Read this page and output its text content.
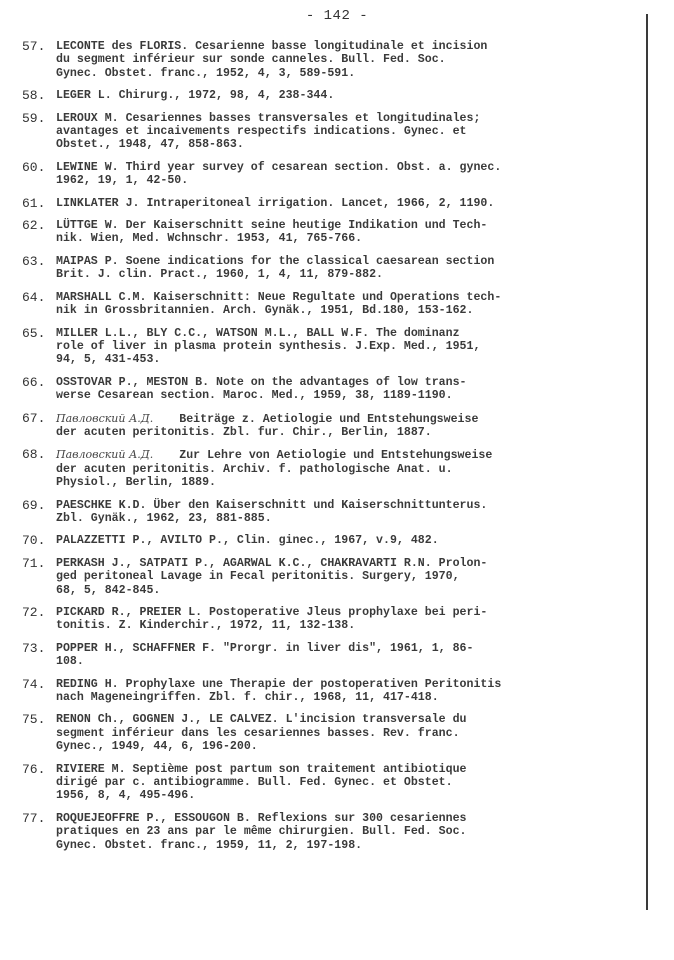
- 142 -
57. LECONTE des FLORIS. Cesarienne basse longitudinale et incision
du segment inférieur sur sonde canneles. Bull. Fed. Soc.
Gynec. Obstet. franc., 1952, 4, 3, 589-591.
58. LEGER L. Chirurg., 1972, 98, 4, 238-344.
59. LEROUX M. Cesariennes basses transversales et longitudinales;
avantages et incaivements respectifs indications. Gynec. et
Obstet., 1948, 47, 858-863.
60. LEWINE W. Third year survey of cesarean section. Obst. a. gynec.
1962, 19, 1, 42-50.
61. LINKLATER J. Intraperitoneal irrigation. Lancet, 1966, 2, 1190.
62. LÜTTGE W. Der Kaiserschnitt seine heutige Indikation und Tech-
nik. Wien, Med. Wchnschr. 1953, 41, 765-766.
63. MAIPAS P. Soene indications for the classical caesarean section
Brit. J. clin. Pract., 1960, 1, 4, 11, 879-882.
64. MARSHALL C.M. Kaiserschnitt: Neue Regultate und Operations tech-
nik in Grossbritannien. Arch. Gynäk., 1951, Bd.180, 153-162.
65. MILLER L.L., BLY C.C., WATSON M.L., BALL W.F. The dominanz
role of liver in plasma protein synthesis. J.Exp. Med., 1951,
94, 5, 431-453.
66. OSSTOVAR P., MESTON B. Note on the advantages of low trans-
werse Cesarean section. Maroc. Med., 1959, 38, 1189-1190.
67. Павловский А.Д. Beiträge z. Aetiologie und Entstehungsweise
der acuten peritonitis. Zbl. fur. Chir., Berlin, 1887.
68. Павловский А.Д. Zur Lehre von Aetiologie und Entstehungsweise
der acuten peritonitis. Archiv. f. pathologische Anat. u.
Physiol., Berlin, 1889.
69. PAESCHKE K.D. Über den Kaiserschnitt und Kaiserschnittunterus.
Zbl. Gynäk., 1962, 23, 881-885.
70. PALAZZETTI P., AVILTO P., Clin. ginec., 1967, v.9, 482.
71. PERKASH J., SATPATI P., AGARWAL K.C., CHAKRAVARTI R.N. Prolon-
ged peritoneal Lavage in Fecal peritonitis. Surgery, 1970,
68, 5, 842-845.
72. PICKARD R., PREIER L. Postoperative Jleus prophylaxe bei peri-
tonitis. Z. Kinderchir., 1972, 11, 132-138.
73. POPPER H., SCHAFFNER F. "Prorgr. in liver dis", 1961, 1, 86-
108.
74. REDING H. Prophylaxe une Therapie der postoperativen Peritonitis
nach Mageneingriffen. Zbl. f. chir., 1968, 11, 417-418.
75. RENON Ch., GOGNEN J., LE CALVEZ. L'incision transversale du
segment inférieur dans les cesariennes basses. Rev. franc.
Gynec., 1949, 44, 6, 196-200.
76. RIVIERE M. Septième post partum son traitement antibiotique
dirigé par c. antibiogramme. Bull. Fed. Gynec. et Obstet.
1956, 8, 4, 495-496.
77. ROQUEJEOFFRE P., ESSOUGON B. Reflexions sur 300 cesariennes
pratiques en 23 ans par le même chirurgien. Bull. Fed. Soc.
Gynec. Obstet. franc., 1959, 11, 2, 197-198.
